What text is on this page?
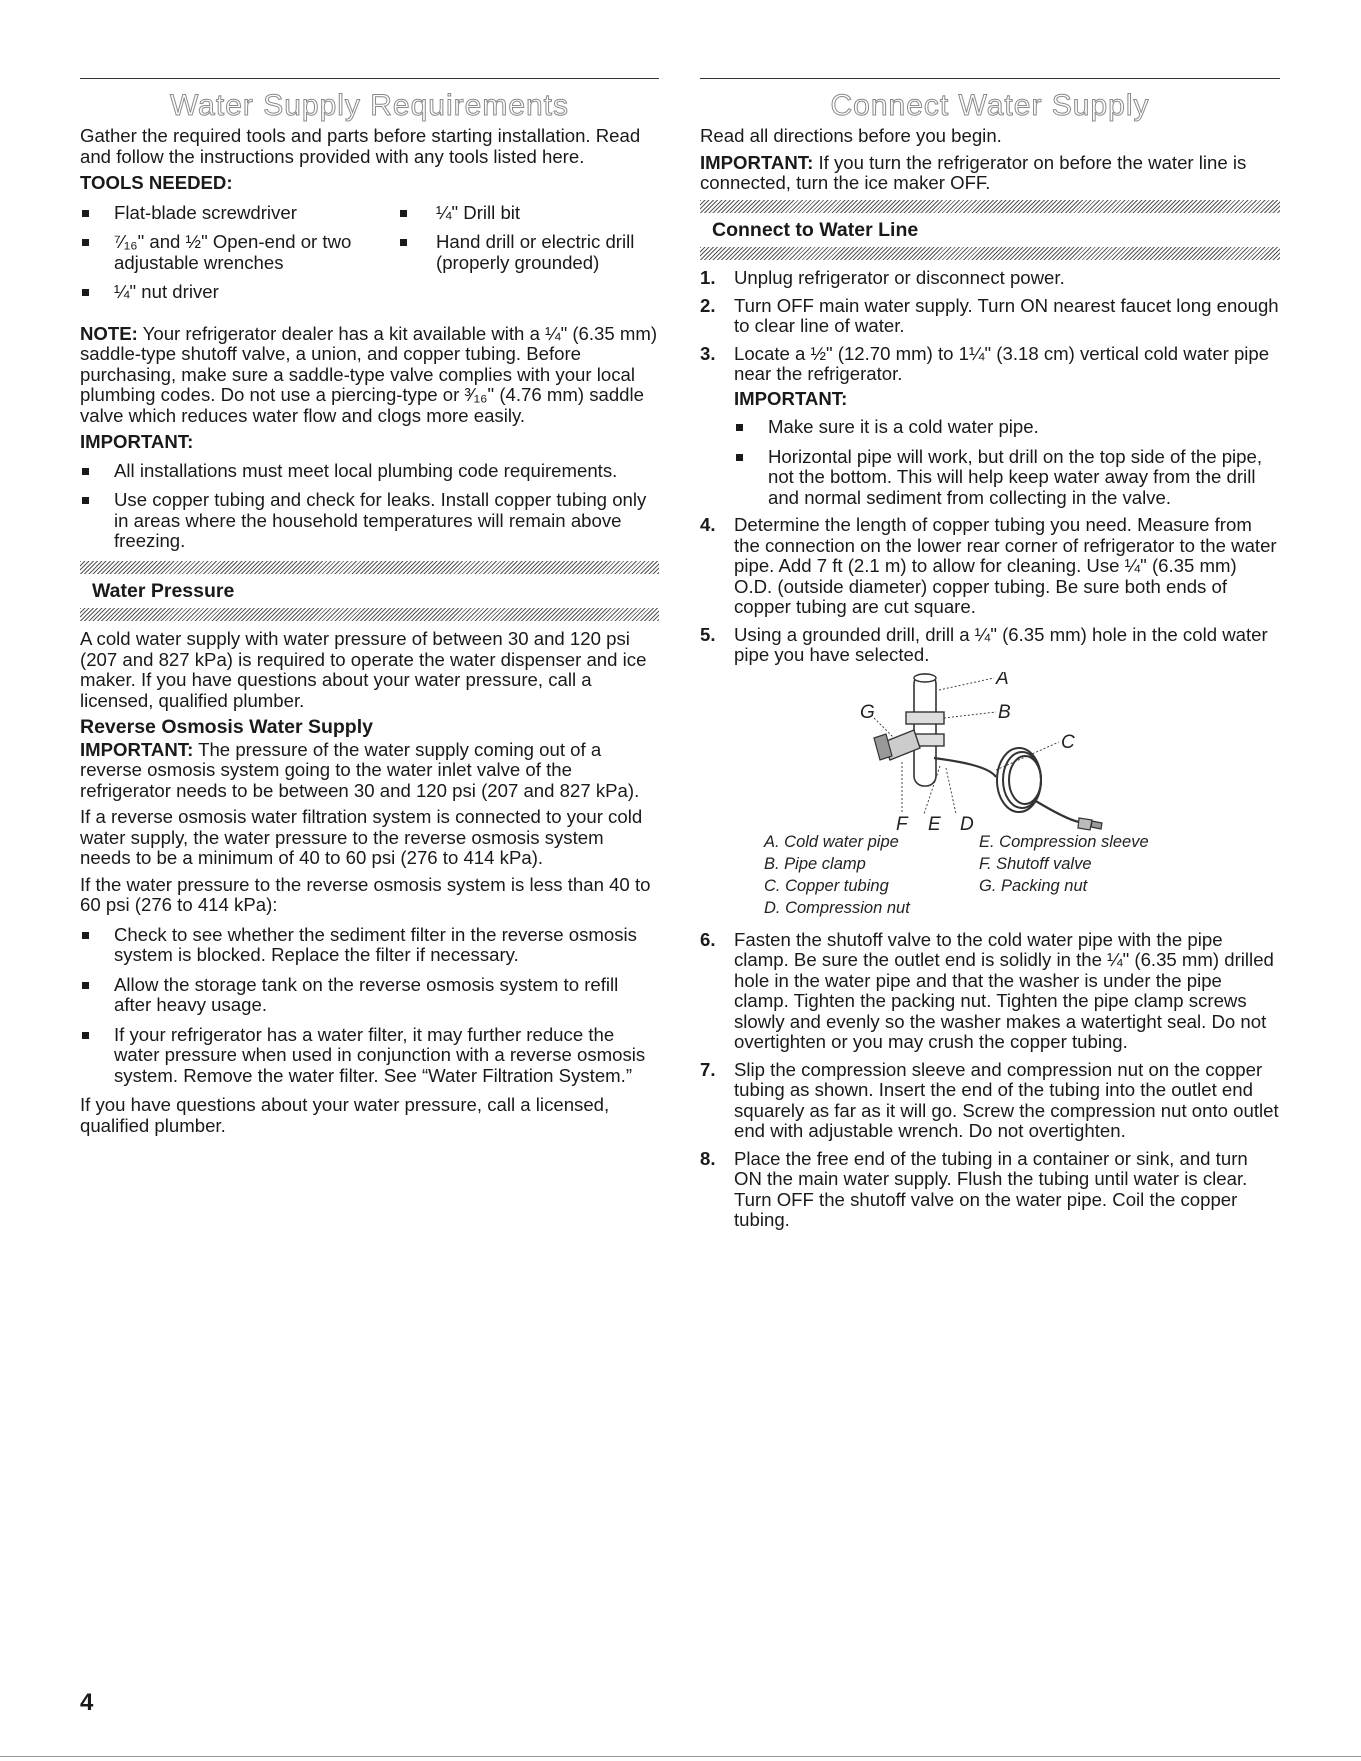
Water Supply Requirements

Gather the required tools and parts before starting installation. Read and follow the instructions provided with any tools listed here.

TOOLS NEEDED:

Flat-blade screwdriver
⁷⁄₁₆" and ½" Open-end or two adjustable wrenches
¼" nut driver
¼" Drill bit
Hand drill or electric drill (properly grounded)

NOTE: Your refrigerator dealer has a kit available with a ¼" (6.35 mm) saddle-type shutoff valve, a union, and copper tubing. Before purchasing, make sure a saddle-type valve complies with your local plumbing codes. Do not use a piercing-type or ³⁄₁₆" (4.76 mm) saddle valve which reduces water flow and clogs more easily.

IMPORTANT:

All installations must meet local plumbing code requirements.
Use copper tubing and check for leaks. Install copper tubing only in areas where the household temperatures will remain above freezing.
Water Pressure

A cold water supply with water pressure of between 30 and 120 psi (207 and 827 kPa) is required to operate the water dispenser and ice maker. If you have questions about your water pressure, call a licensed, qualified plumber.

Reverse Osmosis Water Supply

IMPORTANT: The pressure of the water supply coming out of a reverse osmosis system going to the water inlet valve of the refrigerator needs to be between 30 and 120 psi (207 and 827 kPa).

If a reverse osmosis water filtration system is connected to your cold water supply, the water pressure to the reverse osmosis system needs to be a minimum of 40 to 60 psi (276 to 414 kPa).

If the water pressure to the reverse osmosis system is less than 40 to 60 psi (276 to 414 kPa):

Check to see whether the sediment filter in the reverse osmosis system is blocked. Replace the filter if necessary.
Allow the storage tank on the reverse osmosis system to refill after heavy usage.
If your refrigerator has a water filter, it may further reduce the water pressure when used in conjunction with a reverse osmosis system. Remove the water filter. See “Water Filtration System.”

If you have questions about your water pressure, call a licensed, qualified plumber.

Connect Water Supply

Read all directions before you begin.

IMPORTANT: If you turn the refrigerator on before the water line is connected, turn the ice maker OFF.

Connect to Water Line
1. Unplug refrigerator or disconnect power.
2. Turn OFF main water supply. Turn ON nearest faucet long enough to clear line of water.
3. Locate a ½" (12.70 mm) to 1¼" (3.18 cm) vertical cold water pipe near the refrigerator.
IMPORTANT:
Make sure it is a cold water pipe.
Horizontal pipe will work, but drill on the top side of the pipe, not the bottom. This will help keep water away from the drill and normal sediment from collecting in the valve.
4. Determine the length of copper tubing you need. Measure from the connection on the lower rear corner of refrigerator to the water pipe. Add 7 ft (2.1 m) to allow for cleaning. Use ¼" (6.35 mm) O.D. (outside diameter) copper tubing. Be sure both ends of copper tubing are cut square.
5. Using a grounded drill, drill a ¼" (6.35 mm) hole in the cold water pipe you have selected.
A
B
C
D
E
F
G
A. Cold water pipe
B. Pipe clamp
C. Copper tubing
D. Compression nut
E. Compression sleeve
F. Shutoff valve
G. Packing nut
6. Fasten the shutoff valve to the cold water pipe with the pipe clamp. Be sure the outlet end is solidly in the ¼" (6.35 mm) drilled hole in the water pipe and that the washer is under the pipe clamp. Tighten the packing nut. Tighten the pipe clamp screws slowly and evenly so the washer makes a watertight seal. Do not overtighten or you may crush the copper tubing.
7. Slip the compression sleeve and compression nut on the copper tubing as shown. Insert the end of the tubing into the outlet end squarely as far as it will go. Screw the compression nut onto outlet end with adjustable wrench. Do not overtighten.
8. Place the free end of the tubing in a container or sink, and turn ON the main water supply. Flush the tubing until water is clear. Turn OFF the shutoff valve on the water pipe. Coil the copper tubing.
4
